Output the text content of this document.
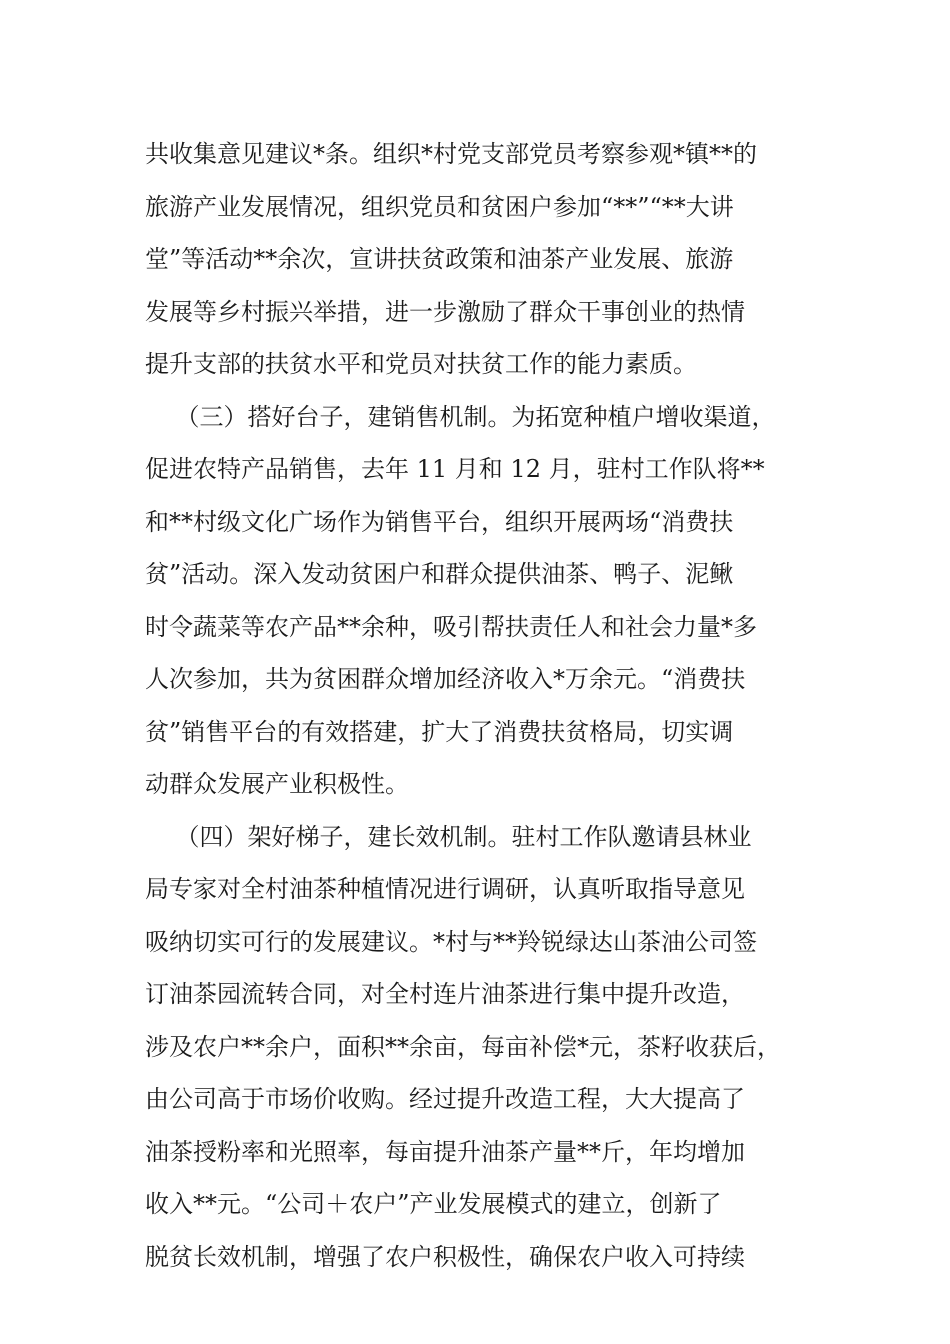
共收集意见建议*条。组织*村党支部党员考察参观*镇**的
旅游产业发展情况，组织党员和贫困户参加“**”“**大讲
堂”等活动**余次，宣讲扶贫政策和油茶产业发展、旅游
发展等乡村振兴举措，进一步激励了群众干事创业的热情
提升支部的扶贫水平和党员对扶贫工作的能力素质。
（三）搭好台子，建销售机制。为拓宽种植户增收渠道，
促进农特产品销售，去年 11 月和 12 月，驻村工作队将**
和**村级文化广场作为销售平台，组织开展两场“消费扶
贫”活动。深入发动贫困户和群众提供油茶、鸭子、泥鳅
时令蔬菜等农产品**余种，吸引帮扶责任人和社会力量*多
人次参加，共为贫困群众增加经济收入*万余元。“消费扶
贫”销售平台的有效搭建，扩大了消费扶贫格局，切实调
动群众发展产业积极性。
（四）架好梯子，建长效机制。驻村工作队邀请县林业
局专家对全村油茶种植情况进行调研，认真听取指导意见
吸纳切实可行的发展建议。*村与**羚锐绿达山茶油公司签
订油茶园流转合同，对全村连片油茶进行集中提升改造，
涉及农户**余户，面积**余亩，每亩补偿*元，茶籽收获后，
由公司高于市场价收购。经过提升改造工程，大大提高了
油茶授粉率和光照率，每亩提升油茶产量**斤，年均增加
收入**元。“公司＋农户”产业发展模式的建立，创新了
脱贫长效机制，增强了农户积极性，确保农户收入可持续
